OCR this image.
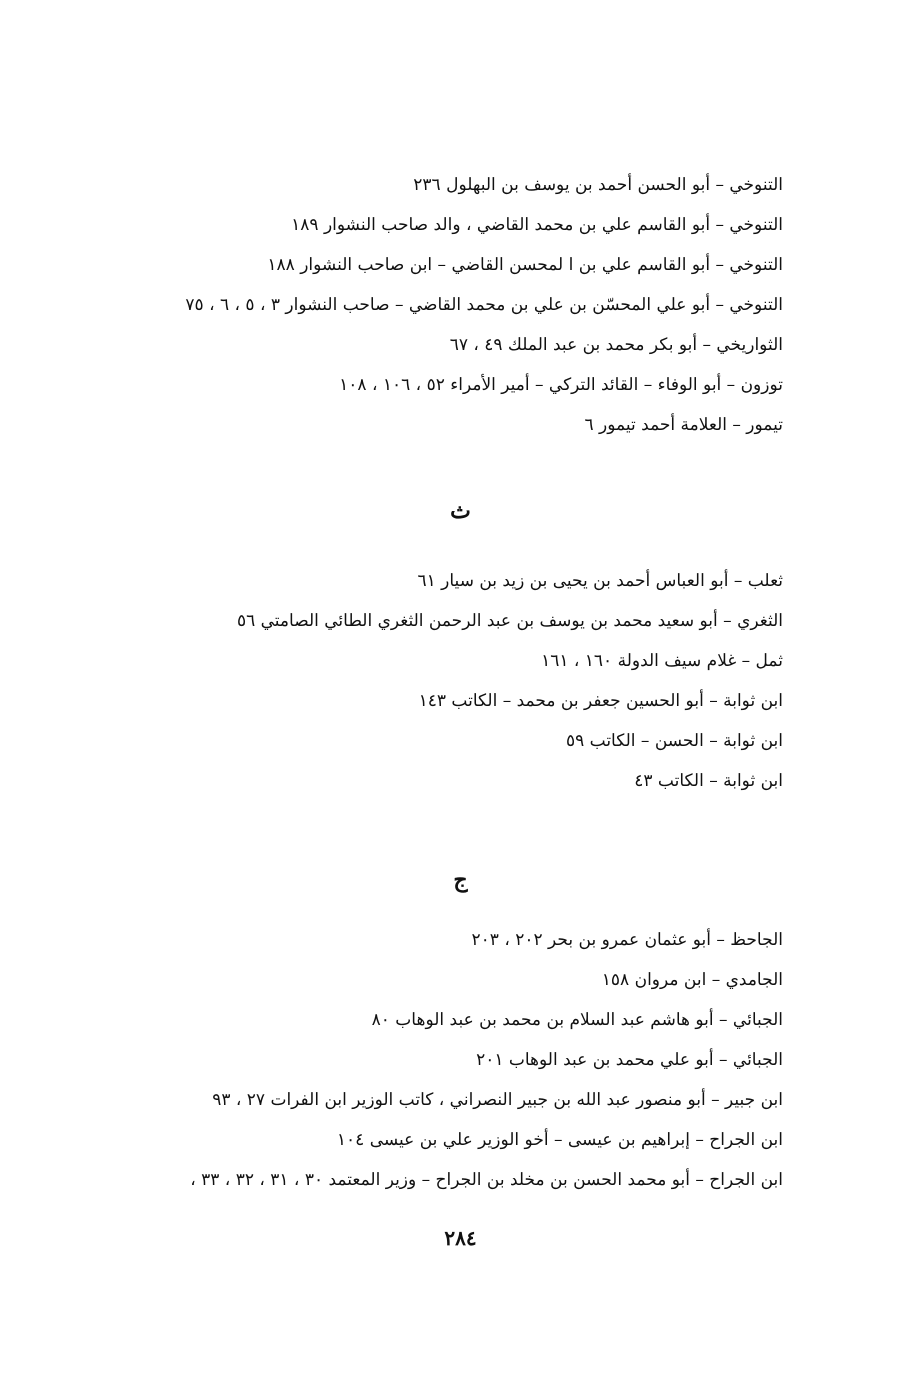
التنوخي – أبو الحسن أحمد بن يوسف بن البهلول ٢٣٦
التنوخي – أبو القاسم علي بن محمد القاضي ، والد صاحب النشوار ١٨٩
التنوخي – أبو القاسم علي بن ا لمحسن القاضي – ابن صاحب النشوار ١٨٨
التنوخي – أبو علي المحسّن بن علي بن محمد القاضي – صاحب النشوار ٣ ، ٥ ، ٦ ، ٧٥
الثواريخي – أبو بكر محمد بن عبد الملك ٤٩ ، ٦٧
توزون – أبو الوفاء – القائد التركي – أمير الأمراء ٥٢ ، ١٠٦ ، ١٠٨
تيمور – العلامة أحمد تيمور ٦
ث
ثعلب – أبو العباس أحمد بن يحيى بن زيد بن سيار ٦١
الثغري – أبو سعيد محمد بن يوسف بن عبد الرحمن الثغري الطائي الصامتي ٥٦
ثمل – غلام سيف الدولة ١٦٠ ، ١٦١
ابن ثوابة – أبو الحسين جعفر بن محمد – الكاتب ١٤٣
ابن ثوابة – الحسن – الكاتب ٥٩
ابن ثوابة – الكاتب ٤٣
ج
الجاحظ – أبو عثمان عمرو بن بحر ٢٠٢ ، ٢٠٣
الجامدي – ابن مروان ١٥٨
الجبائي – أبو هاشم عبد السلام بن محمد بن عبد الوهاب ٨٠
الجبائي – أبو علي محمد بن عبد الوهاب ٢٠١
ابن جبير – أبو منصور عبد الله بن جبير النصراني ، كاتب الوزير ابن الفرات ٢٧ ، ٩٣
ابن الجراح – إبراهيم بن عيسى – أخو الوزير علي بن عيسى ١٠٤
ابن الجراح – أبو محمد الحسن بن مخلد بن الجراح – وزير المعتمد ٣٠ ، ٣١ ، ٣٢ ، ٣٣ ،
٢٨٤
